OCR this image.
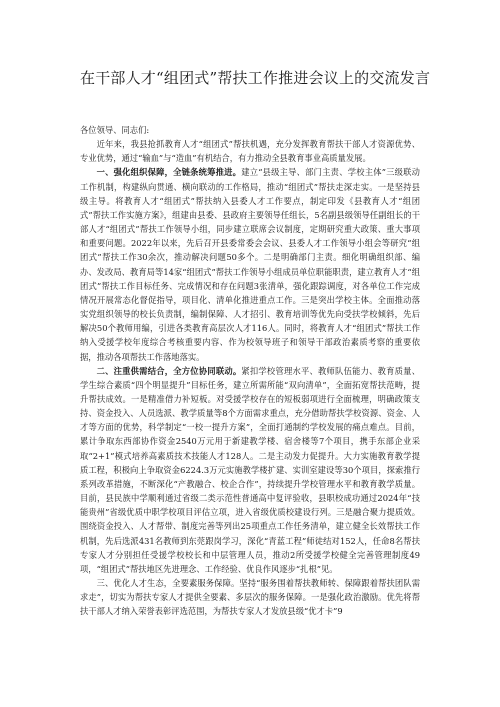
在干部人才“组团式”帮扶工作推进会议上的交流发言

各位领导、同志们:

近年来，我县抢抓教育人才“组团式”帮扶机遇，充分发挥教育帮扶干部人才资源优势、专业优势，通过“输血”与“造血”有机结合，有力推动全县教育事业高质量发展。

一、强化组织保障，全链条统筹推进。建立“县级主导、部门主责、学校主体”三级联动工作机制，构建纵向贯通、横向联动的工作格局，推动“组团式”帮扶走深走实。一是坚持县级主导。将教育人才“组团式”帮扶纳入县委人才工作要点，制定印发《县教育人才“组团式”帮扶工作实施方案》，组建由县委、县政府主要领导任组长，5名副县级领导任副组长的干部人才“组团式”帮扶工作领导小组，同步建立联席会议制度，定期研究重大政策、重大事项和重要问题。2022年以来，先后召开县委常委会会议、县委人才工作领导小组会等研究“组团式”帮扶工作30余次，推动解决问题50多个。二是明确部门主责。细化明确组织部、编办、发改局、教育局等14家“组团式”帮扶工作领导小组成员单位职能职责，建立教育人才“组团式”帮扶工作目标任务、完成情况和存在问题3张清单，强化跟踪调度，对各单位工作完成情况开展常态化督促指导，项目化、清单化推进重点工作。三是突出学校主体。全面推动落实党组织领导的校长负责制，编制保障、人才招引、教育培训等优先向受扶学校倾斜，先后解决50个教师用编，引进各类教育高层次人才116人。同时，将教育人才“组团式”帮扶工作纳入受援学校年度综合考核重要内容、作为校领导班子和领导干部政治素质考察的重要依据，推动各项帮扶工作落地落实。

二、注重供需结合，全方位协同联动。紧扣学校管理水平、教师队伍能力、教育质量、学生综合素质“四个明显提升”目标任务，建立所需所能“双向清单”，全面拓宽帮扶范畴，提升帮扶成效。一是精准借力补短板。对受援学校存在的短板弱项进行全面梳理，明确政策支持、资金投入、人员选派、教学质量等8个方面需求重点，充分借助帮扶学校资源、资金、人才等方面的优势，科学制定“一校一提升方案”，全面打通制约学校发展的痛点难点。目前，累计争取东西部协作资金2540万元用于新建教学楼、宿舍楼等7个项目，携手东部企业采取“2+1”模式培养高素质技术技能人才128人。二是主动发力促提升。大力实施教育教学提质工程，积极向上争取资金6224.3万元实施教学楼扩建、实训室建设等30个项目，探索推行系列改革措施，不断深化“产教融合、校企合作”，持续提升学校管理水平和教育教学质量。目前，县民族中学顺利通过省级二类示范性普通高中复评验收，县职校成功通过2024年“技能贵州”省级优质中职学校项目评估立项，进入省级优质校建设行列。三是融合聚力提质效。围绕资金投入、人才帮带、制度完善等列出25项重点工作任务清单，建立健全长效帮扶工作机制，先后选派431名教师到东莞跟岗学习，深化“青蓝工程”师徒结对152人，任命8名帮扶专家人才分别担任受援学校校长和中层管理人员，推动2所受援学校健全完善管理制度49项，“组团式”帮扶地区先进理念、工作经验、优良作风逐步“扎根”见。

三、优化人才生态，全要素服务保障。坚持“服务围着帮扶教师转、保障跟着帮扶团队需求走”，切实为帮扶专家人才提供全要素、多层次的服务保障。一是强化政治激励。优先将帮扶干部人才纳入荣誉表彰评选范围，为帮扶专家人才发放县级“优才卡”9
